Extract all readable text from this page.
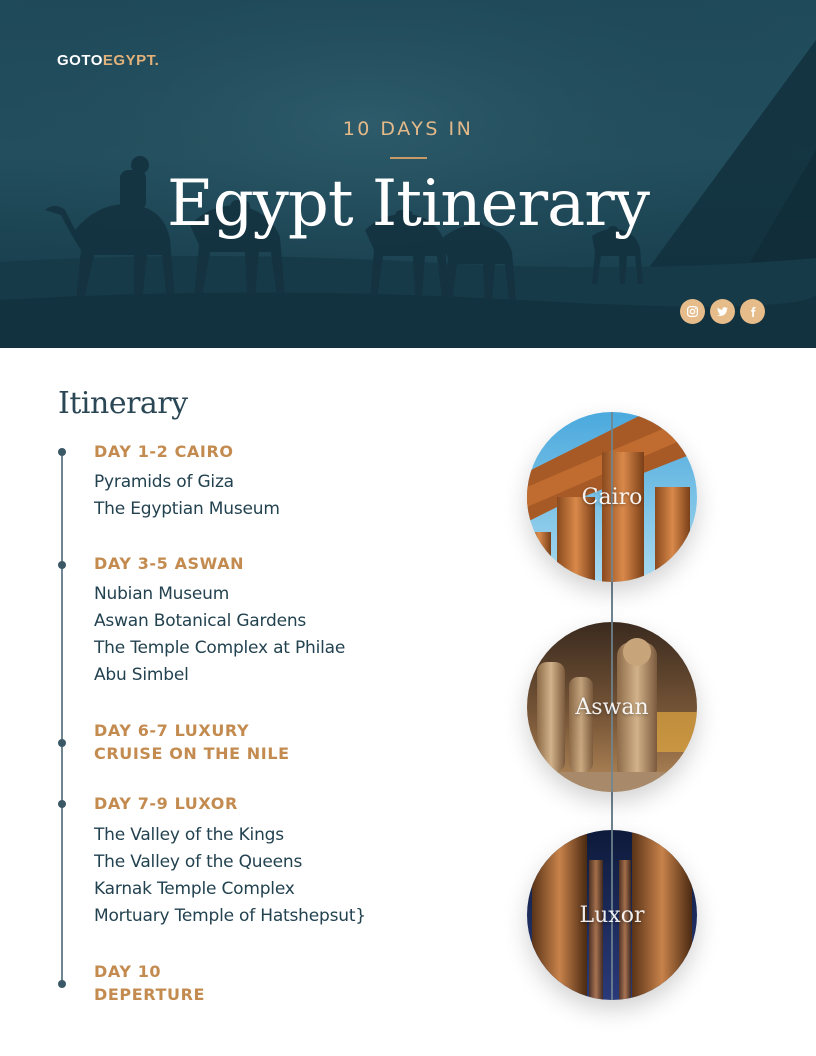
GOTOEGYPT.
10 DAYS IN
Egypt Itinerary
Itinerary
DAY 1-2 CAIRO
Pyramids of Giza
The Egyptian Museum
DAY 3-5 ASWAN
Nubian Museum
Aswan Botanical Gardens
The Temple Complex at Philae
Abu Simbel
DAY 6-7 LUXURY
CRUISE ON THE NILE
DAY 7-9 LUXOR
The Valley of the Kings
The Valley of the Queens
Karnak Temple Complex
Mortuary Temple of Hatshepsut}
DAY 10
DEPERTURE
Cairo
Aswan
Luxor
